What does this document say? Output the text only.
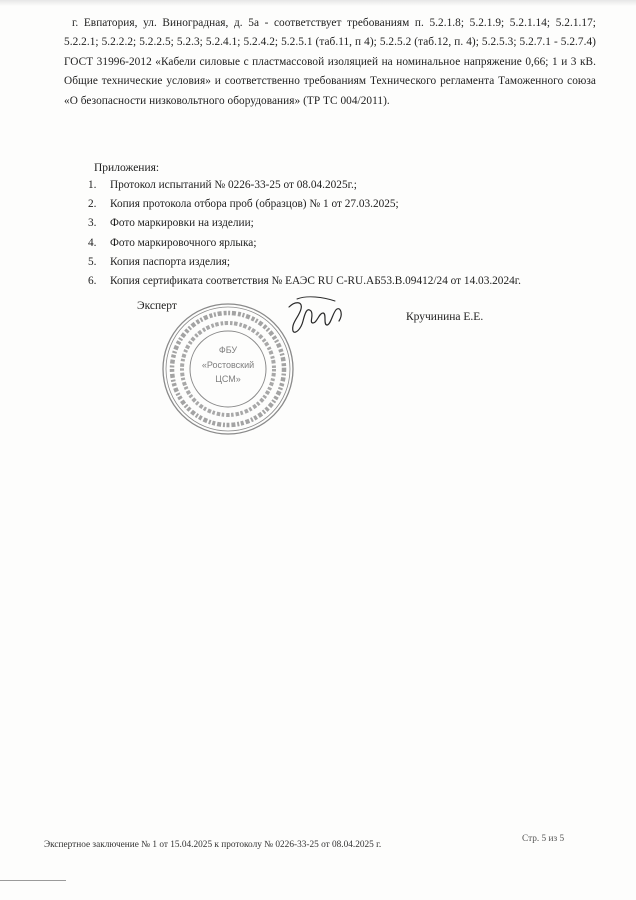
г. Евпатория, ул. Виноградная, д. 5а - соответствует требованиям п. 5.2.1.8; 5.2.1.9; 5.2.1.14; 5.2.1.17; 5.2.2.1; 5.2.2.2; 5.2.2.5; 5.2.3; 5.2.4.1; 5.2.4.2; 5.2.5.1 (таб.11, п 4); 5.2.5.2 (таб.12, п. 4); 5.2.5.3; 5.2.7.1 - 5.2.7.4) ГОСТ 31996-2012 «Кабели силовые с пластмассовой изоляцией на номинальное напряжение 0,66; 1 и 3 кВ. Общие технические условия» и соответственно требованиям Технического регламента Таможенного союза «О безопасности низковольтного оборудования» (ТР ТС 004/2011).

Приложения:

1.	Протокол испытаний № 0226-33-25 от 08.04.2025г.;
2.	Копия протокола отбора проб (образцов) № 1 от 27.03.2025;
3.	Фото маркировки на изделии;
4.	Фото маркировочного ярлыка;
5.	Копия паспорта изделия;
6.	Копия сертификата соответствия № ЕАЭС RU С-RU.АБ53.В.09412/24 от 14.03.2024г.
Эксперт
ФБУ
«Ростовский
ЦСМ»
Кручинина Е.Е.
Экспертное заключение № 1 от 15.04.2025 к протоколу № 0226-33-25 от 08.04.2025 г.
Стр. 5 из 5
